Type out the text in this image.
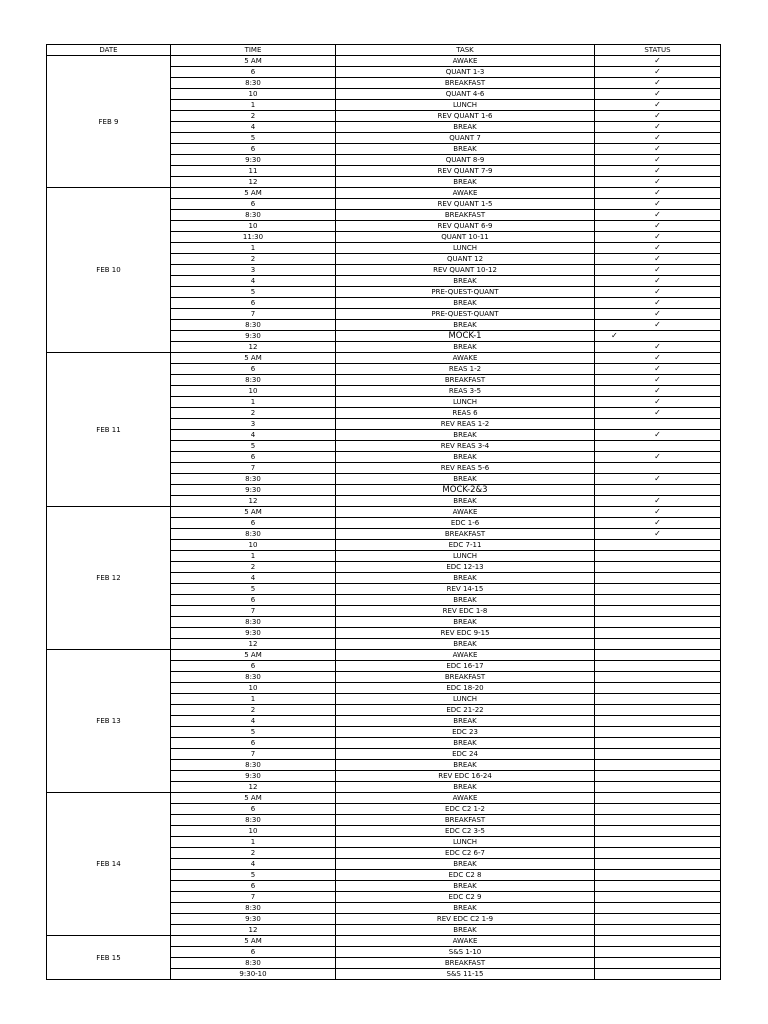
DATE	TIME	TASK	STATUS
FEB 9	5 AM	AWAKE	✓
	6	QUANT 1-3	✓
	8:30	BREAKFAST	✓
	10	QUANT 4-6	✓
	1	LUNCH	✓
	2	REV QUANT 1-6	✓
	4	BREAK	✓
	5	QUANT 7	✓
	6	BREAK	✓
	9:30	QUANT 8-9	✓
	11	REV QUANT 7-9	✓
	12	BREAK	✓
FEB 10	5 AM	AWAKE	✓
	6	REV QUANT 1-5	✓
	8:30	BREAKFAST	✓
	10	REV QUANT 6-9	✓
	11:30	QUANT 10-11	✓
	1	LUNCH	✓
	2	QUANT 12	✓
	3	REV QUANT 10-12	✓
	4	BREAK	✓
	5	PRE-QUEST-QUANT	✓
	6	BREAK	✓
	7	PRE-QUEST-QUANT	✓
	8:30	BREAK	✓
	9:30	MOCK-1	✓
	12	BREAK	✓
FEB 11	5 AM	AWAKE	✓
	6	REAS 1-2	✓
	8:30	BREAKFAST	✓
	10	REAS 3-5	✓
	1	LUNCH	✓
	2	REAS 6	✓
	3	REV REAS 1-2	
	4	BREAK	✓
	5	REV REAS 3-4	
	6	BREAK	✓
	7	REV REAS 5-6	
	8:30	BREAK	✓
	9:30	MOCK-2&3	
	12	BREAK	✓
FEB 12	5 AM	AWAKE	✓
	6	EDC 1-6	✓
	8:30	BREAKFAST	✓
	10	EDC 7-11	
	1	LUNCH	
	2	EDC 12-13	
	4	BREAK	
	5	REV 14-15	
	6	BREAK	
	7	REV EDC 1-8	
	8:30	BREAK	
	9:30	REV EDC 9-15	
	12	BREAK	
FEB 13	5 AM	AWAKE	
	6	EDC 16-17	
	8:30	BREAKFAST	
	10	EDC 18-20	
	1	LUNCH	
	2	EDC 21-22	
	4	BREAK	
	5	EDC 23	
	6	BREAK	
	7	EDC 24	
	8:30	BREAK	
	9:30	REV EDC 16-24	
	12	BREAK	
FEB 14	5 AM	AWAKE	
	6	EDC C2 1-2	
	8:30	BREAKFAST	
	10	EDC C2 3-5	
	1	LUNCH	
	2	EDC C2 6-7	
	4	BREAK	
	5	EDC C2 8	
	6	BREAK	
	7	EDC C2 9	
	8:30	BREAK	
	9:30	REV EDC C2 1-9	
	12	BREAK	
FEB 15	5 AM	AWAKE	
	6	S&S 1-10	
	8:30	BREAKFAST	
	9:30-10	S&S 11-15	
